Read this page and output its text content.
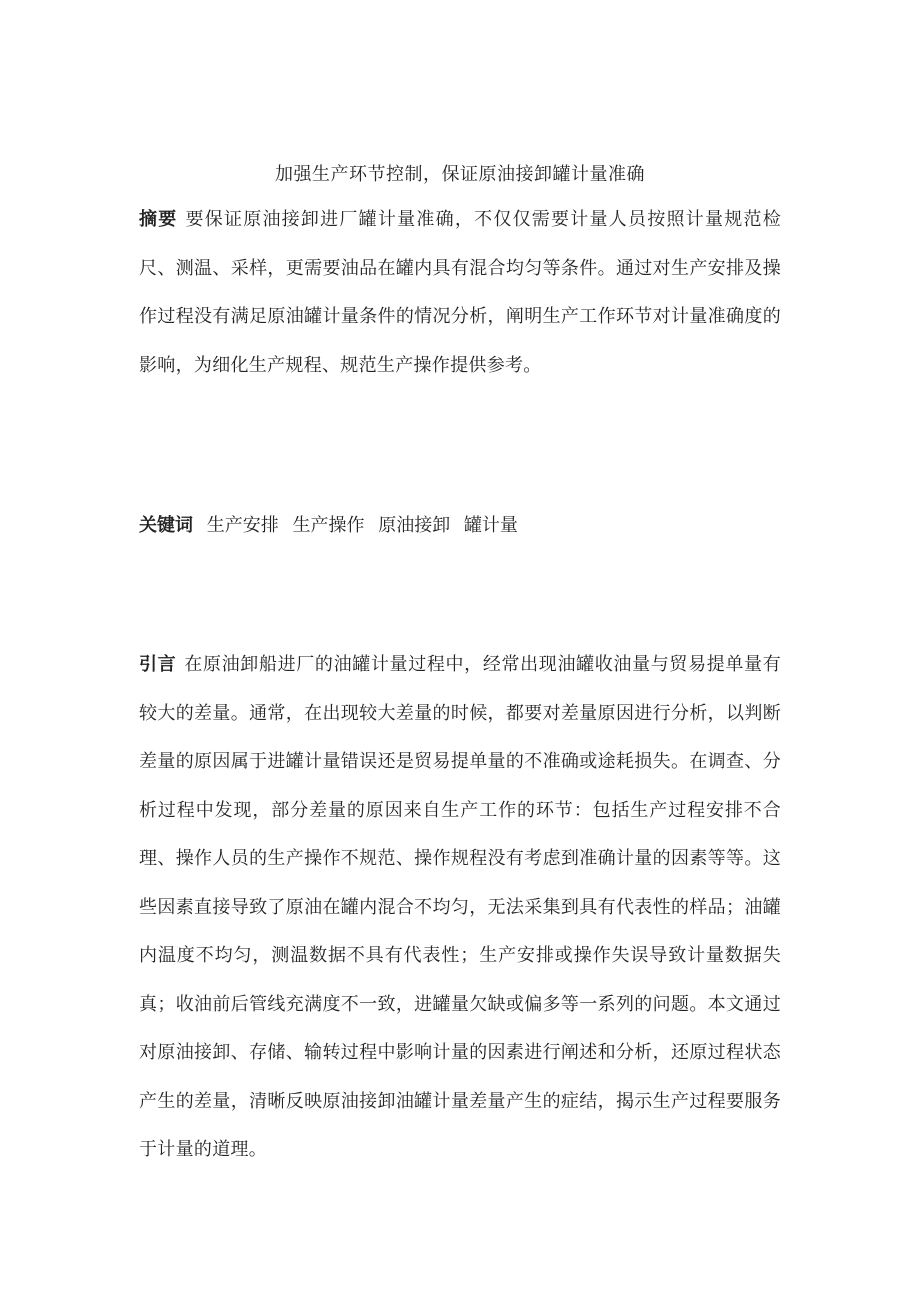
加强生产环节控制，保证原油接卸罐计量准确
摘要 要保证原油接卸进厂罐计量准确，不仅仅需要计量人员按照计量规范检尺、测温、采样，更需要油品在罐内具有混合均匀等条件。通过对生产安排及操作过程没有满足原油罐计量条件的情况分析，阐明生产工作环节对计量准确度的影响，为细化生产规程、规范生产操作提供参考。
关键词 生产安排 生产操作 原油接卸 罐计量
引言 在原油卸船进厂的油罐计量过程中，经常出现油罐收油量与贸易提单量有较大的差量。通常，在出现较大差量的时候，都要对差量原因进行分析，以判断差量的原因属于进罐计量错误还是贸易提单量的不准确或途耗损失。在调查、分析过程中发现，部分差量的原因来自生产工作的环节：包括生产过程安排不合理、操作人员的生产操作不规范、操作规程没有考虑到准确计量的因素等等。这些因素直接导致了原油在罐内混合不均匀，无法采集到具有代表性的样品；油罐内温度不均匀，测温数据不具有代表性；生产安排或操作失误导致计量数据失真；收油前后管线充满度不一致，进罐量欠缺或偏多等一系列的问题。本文通过对原油接卸、存储、输转过程中影响计量的因素进行阐述和分析，还原过程状态产生的差量，清晰反映原油接卸油罐计量差量产生的症结，揭示生产过程要服务于计量的道理。
